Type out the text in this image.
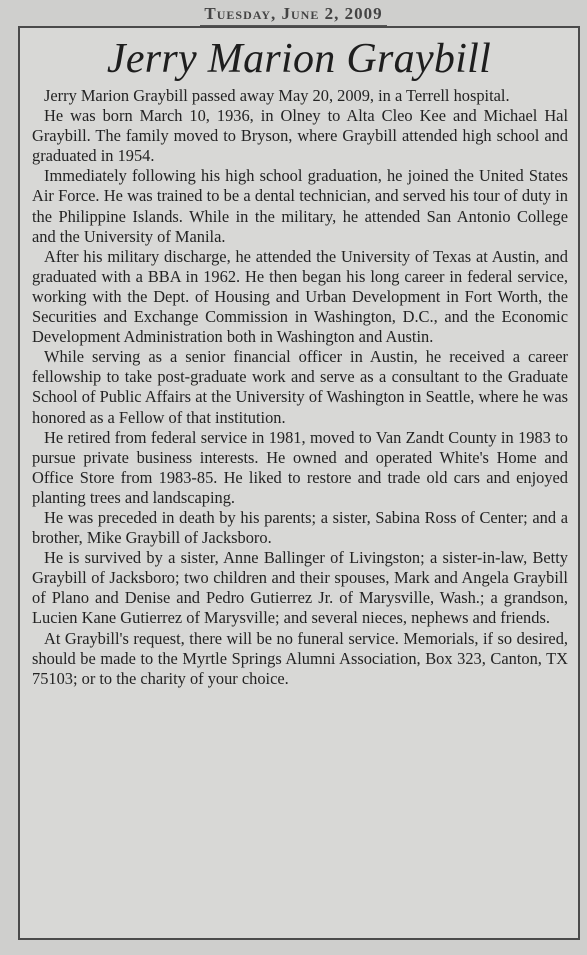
Tuesday, June 2, 2009
Jerry Marion Graybill

Jerry Marion Graybill passed away May 20, 2009, in a Terrell hospital.

He was born March 10, 1936, in Olney to Alta Cleo Kee and Michael Hal Graybill. The family moved to Bryson, where Graybill attended high school and graduated in 1954.

Immediately following his high school graduation, he joined the United States Air Force. He was trained to be a dental technician, and served his tour of duty in the Philippine Islands. While in the military, he attended San Antonio College and the University of Manila.

After his military discharge, he attended the University of Texas at Austin, and graduated with a BBA in 1962. He then began his long career in federal service, working with the Dept. of Housing and Urban Development in Fort Worth, the Securities and Exchange Commission in Washington, D.C., and the Economic Development Administration both in Washington and Austin.

While serving as a senior financial officer in Austin, he received a career fellowship to take post-graduate work and serve as a consultant to the Graduate School of Public Affairs at the University of Washington in Seattle, where he was honored as a Fellow of that institution.

He retired from federal service in 1981, moved to Van Zandt County in 1983 to pursue private business interests. He owned and operated White's Home and Office Store from 1983-85. He liked to restore and trade old cars and enjoyed planting trees and landscaping.

He was preceded in death by his parents; a sister, Sabina Ross of Center; and a brother, Mike Graybill of Jacksboro.

He is survived by a sister, Anne Ballinger of Livingston; a sister-in-law, Betty Graybill of Jacksboro; two children and their spouses, Mark and Angela Graybill of Plano and Denise and Pedro Gutierrez Jr. of Marysville, Wash.; a grandson, Lucien Kane Gutierrez of Marysville; and several nieces, nephews and friends.

At Graybill's request, there will be no funeral service. Memorials, if so desired, should be made to the Myrtle Springs Alumni Association, Box 323, Canton, TX 75103; or to the charity of your choice.
